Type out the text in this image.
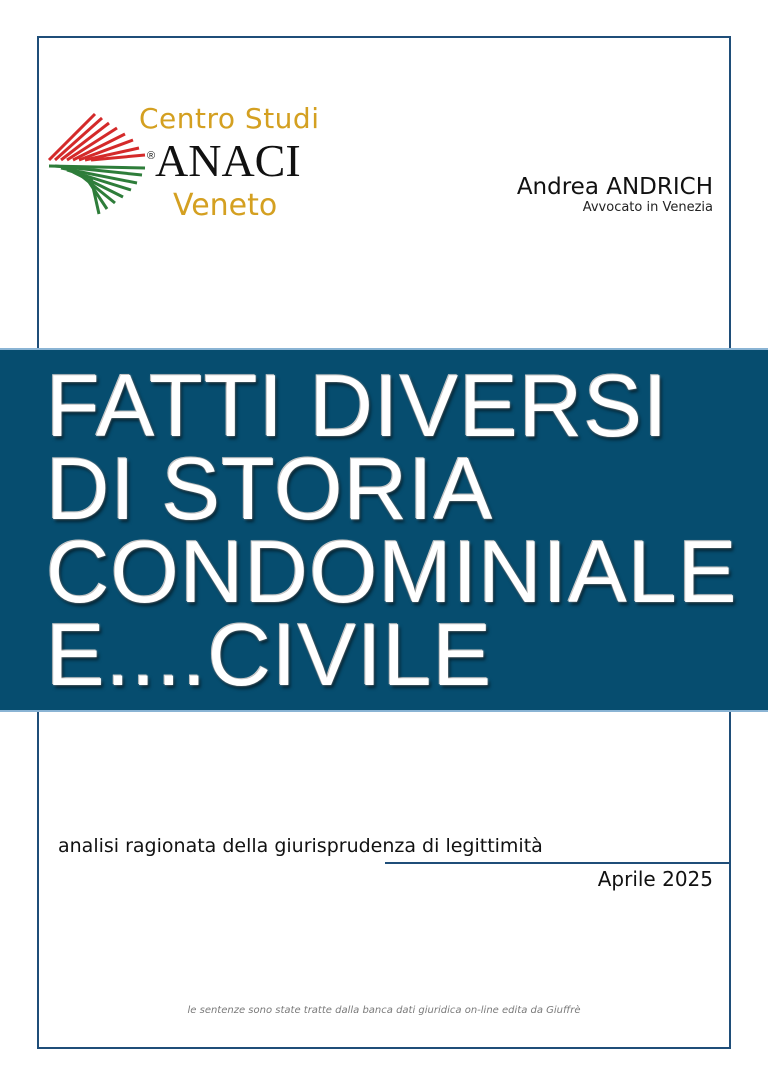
Centro Studi
® ANACI
Veneto
Andrea ANDRICH
Avvocato in Venezia
FATTI DIVERSI
DI STORIA
CONDOMINIALE
E....CIVILE
analisi ragionata della giurisprudenza di legittimità
Aprile 2025
le sentenze sono state tratte dalla banca dati giuridica on-line edita da Giuffrè
